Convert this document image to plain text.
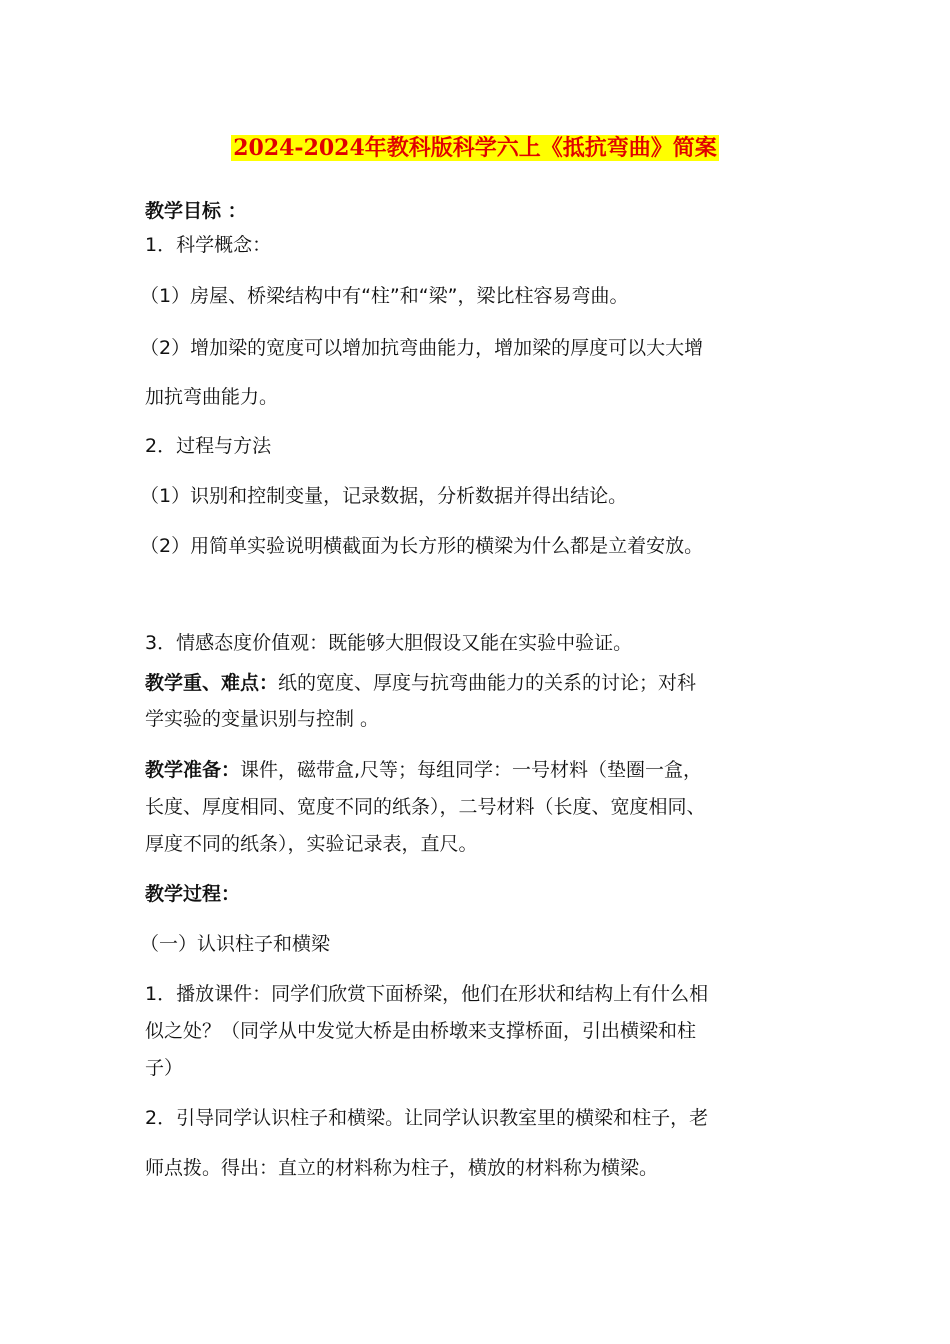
2024-2024年教科版科学六上《抵抗弯曲》简案
教学目标 ：
1．科学概念：
（1）房屋、桥梁结构中有“柱”和“梁”，梁比柱容易弯曲。
（2）增加梁的宽度可以增加抗弯曲能力，增加梁的厚度可以大大增
加抗弯曲能力。
2．过程与方法
（1）识别和控制变量，记录数据，分析数据并得出结论。
（2）用简单实验说明横截面为长方形的横梁为什么都是立着安放。
3．情感态度价值观：既能够大胆假设又能在实验中验证。
教学重、难点：纸的宽度、厚度与抗弯曲能力的关系的讨论；对科
学实验的变量识别与控制 。
教学准备：课件，磁带盒,尺等；每组同学：一号材料（垫圈一盒，
长度、厚度相同、宽度不同的纸条），二号材料（长度、宽度相同、
厚度不同的纸条），实验记录表，直尺。
教学过程：
（一）认识柱子和横梁
1．播放课件：同学们欣赏下面桥梁，他们在形状和结构上有什么相
似之处？（同学从中发觉大桥是由桥墩来支撑桥面，引出横梁和柱
子）
2．引导同学认识柱子和横梁。让同学认识教室里的横梁和柱子，老
师点拨。得出：直立的材料称为柱子，横放的材料称为横梁。
